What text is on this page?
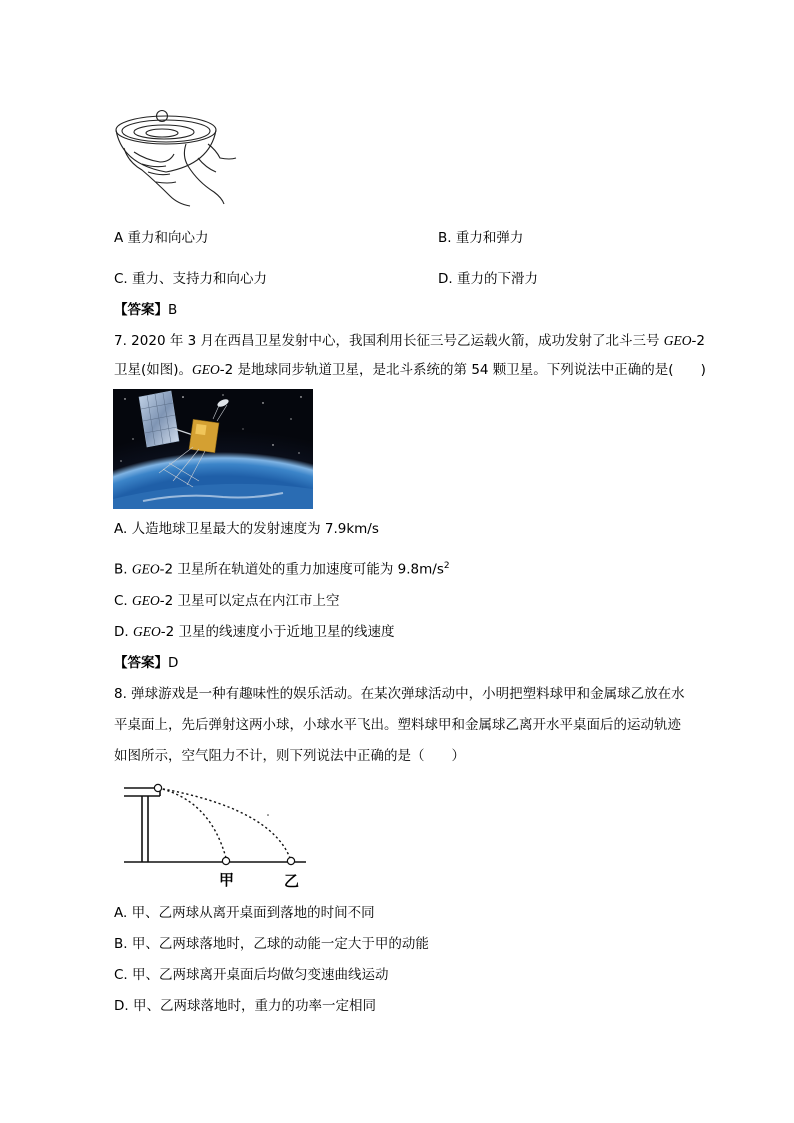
A 重力和向心力	B. 重力和弹力
C. 重力、支持力和向心力	D. 重力的下滑力
【答案】B
7. 2020 年 3 月在西昌卫星发射中心，我国利用长征三号乙运载火箭，成功发射了北斗三号 GEO-2
卫星(如图)。GEO-2 是地球同步轨道卫星，是北斗系统的第 54 颗卫星。下列说法中正确的是(　　)
A. 人造地球卫星最大的发射速度为 7.9km/s
B. GEO-2 卫星所在轨道处的重力加速度可能为 $9.8m/s^2$
C. GEO-2 卫星可以定点在内江市上空
D. GEO-2 卫星的线速度小于近地卫星的线速度
【答案】D
8. 弹球游戏是一种有趣味性的娱乐活动。在某次弹球活动中，小明把塑料球甲和金属球乙放在水
平桌面上，先后弹射这两小球，小球水平飞出。塑料球甲和金属球乙离开水平桌面后的运动轨迹
如图所示，空气阻力不计，则下列说法中正确的是（　　）
甲	乙
A. 甲、乙两球从离开桌面到落地的时间不同
B. 甲、乙两球落地时，乙球的动能一定大于甲的动能
C. 甲、乙两球离开桌面后均做匀变速曲线运动
D. 甲、乙两球落地时，重力的功率一定相同
